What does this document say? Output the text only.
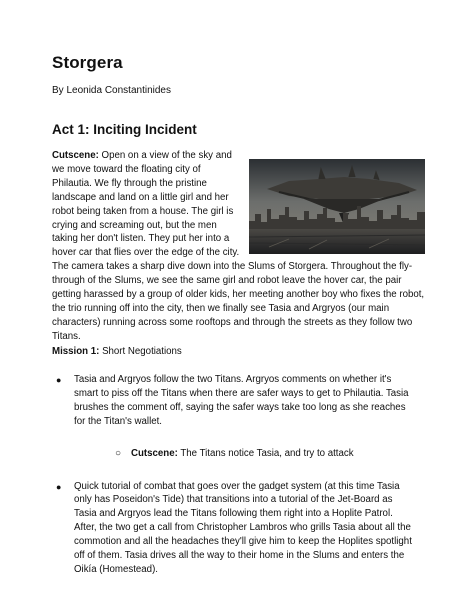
Storgera
By Leonida Constantinides
Act 1: Inciting Incident

Cutscene: Open on a view of the sky and we move toward the floating city of Philautia. We fly through the pristine landscape and land on a little girl and her robot being taken from a house. The girl is crying and screaming out, but the men taking her don't listen. They put her into a hover car that flies over the edge of the city. The camera takes a sharp dive down into the Slums of Storgera. Throughout the fly-through of the Slums, we see the same girl and robot leave the hover car, the pair getting harassed by a group of older kids, her meeting another boy who fixes the robot, the trio running off into the city, then we finally see Tasia and Argryos (our main characters) running across some rooftops and through the streets as they follow two Titans.

Mission 1: Short Negotiations

● Tasia and Argryos follow the two Titans. Argryos comments on whether it's smart to piss off the Titans when there are safer ways to get to Philautia. Tasia brushes the comment off, saying the safer ways take too long as she reaches for the Titan's wallet.
○ Cutscene: The Titans notice Tasia, and try to attack
● Quick tutorial of combat that goes over the gadget system (at this time Tasia only has Poseidon's Tide) that transitions into a tutorial of the Jet-Board as Tasia and Argryos lead the Titans following them right into a Hoplite Patrol. After, the two get a call from Christopher Lambros who grills Tasia about all the commotion and all the headaches they'll give him to keep the Hoplites spotlight off of them. Tasia drives all the way to their home in the Slums and enters the Oikía (Homestead).
